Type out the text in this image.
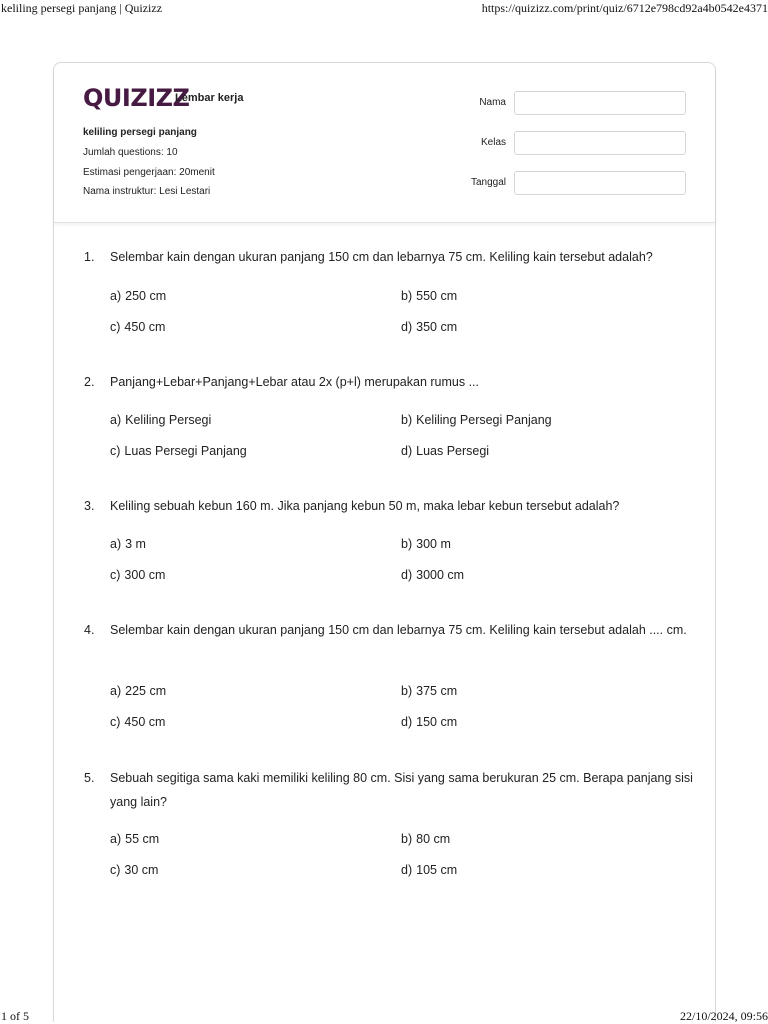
keliling persegi panjang | Quizizz	https://quizizz.com/print/quiz/6712e798cd92a4b0542e4371
QUIZIZZ
Lembar kerja
keliling persegi panjang
Jumlah questions: 10
Estimasi pengerjaan: 20menit
Nama instruktur: Lesi Lestari
Nama
Kelas
Tanggal
1. Selembar kain dengan ukuran panjang 150 cm dan lebarnya 75 cm. Keliling kain tersebut adalah?
a) 250 cm	b) 550 cm
c) 450 cm	d) 350 cm
2. Panjang+Lebar+Panjang+Lebar atau 2x (p+l) merupakan rumus ...
a) Keliling Persegi	b) Keliling Persegi Panjang
c) Luas Persegi Panjang	d) Luas Persegi
3. Keliling sebuah kebun 160 m. Jika panjang kebun 50 m, maka lebar kebun tersebut adalah?
a) 3 m	b) 300 m
c) 300 cm	d) 3000 cm
4. Selembar kain dengan ukuran panjang 150 cm dan lebarnya 75 cm. Keliling kain tersebut adalah .... cm.
a) 225 cm	b) 375 cm
c) 450 cm	d) 150 cm
5. Sebuah segitiga sama kaki memiliki keliling 80 cm. Sisi yang sama berukuran 25 cm. Berapa panjang sisi yang lain?
a) 55 cm	b) 80 cm
c) 30 cm	d) 105 cm
1 of 5	22/10/2024, 09:56
